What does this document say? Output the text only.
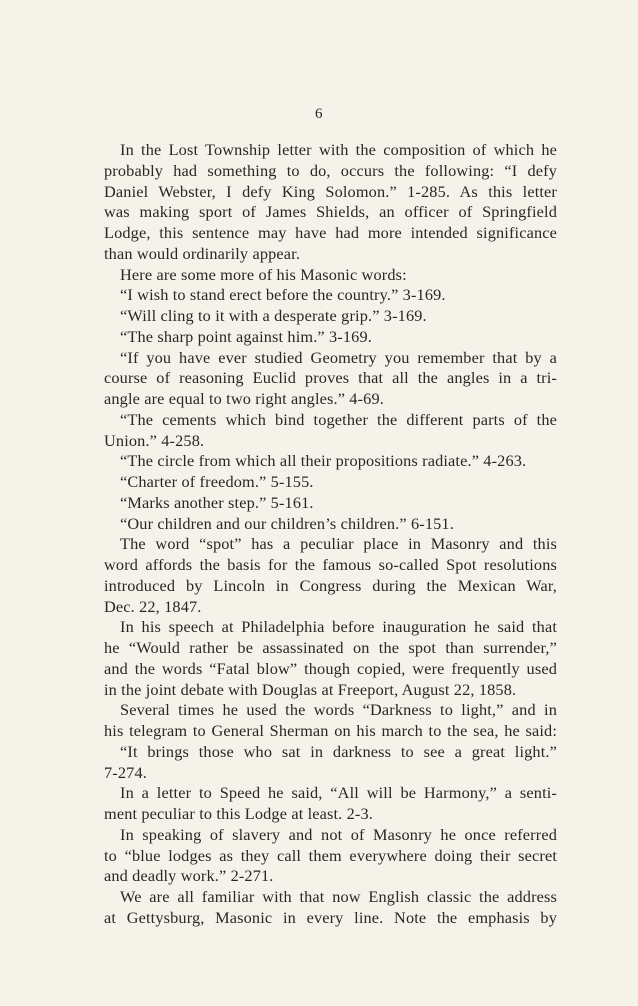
6
In the Lost Township letter with the composition of which he
probably had something to do, occurs the following: “I defy
Daniel Webster, I defy King Solomon.” 1-285. As this letter
was making sport of James Shields, an officer of Springfield
Lodge, this sentence may have had more intended significance
than would ordinarily appear.
Here are some more of his Masonic words:
“I wish to stand erect before the country.” 3-169.
“Will cling to it with a desperate grip.” 3-169.
“The sharp point against him.” 3-169.
“If you have ever studied Geometry you remember that by a
course of reasoning Euclid proves that all the angles in a tri-
angle are equal to two right angles.” 4-69.
“The cements which bind together the different parts of the
Union.” 4-258.
“The circle from which all their propositions radiate.” 4-263.
“Charter of freedom.” 5-155.
“Marks another step.” 5-161.
“Our children and our children’s children.” 6-151.
The word “spot” has a peculiar place in Masonry and this
word affords the basis for the famous so-called Spot resolutions
introduced by Lincoln in Congress during the Mexican War,
Dec. 22, 1847.
In his speech at Philadelphia before inauguration he said that
he “Would rather be assassinated on the spot than surrender,”
and the words “Fatal blow” though copied, were frequently used
in the joint debate with Douglas at Freeport, August 22, 1858.
Several times he used the words “Darkness to light,” and in
his telegram to General Sherman on his march to the sea, he said:
“It brings those who sat in darkness to see a great light.”
7-274.
In a letter to Speed he said, “All will be Harmony,” a senti-
ment peculiar to this Lodge at least. 2-3.
In speaking of slavery and not of Masonry he once referred
to “blue lodges as they call them everywhere doing their secret
and deadly work.” 2-271.
We are all familiar with that now English classic the address
at Gettysburg, Masonic in every line. Note the emphasis by
